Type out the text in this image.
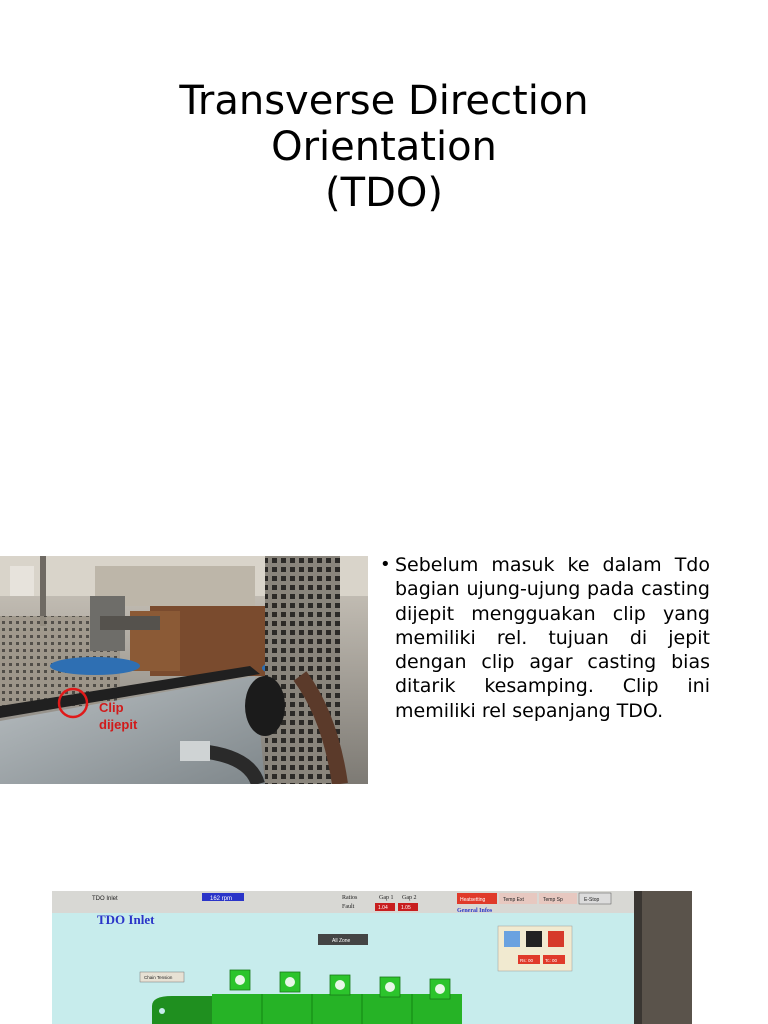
Transverse Direction
Orientation
(TDO)
Clip
dijepit
• Sebelum masuk ke dalam Tdo bagian ujung-ujung pada casting dijepit mengguakan clip yang memiliki rel. tujuan di jepit dengan clip agar casting bias ditarik kesamping. Clip ini memiliki rel sepanjang TDO.
TDO Inlet	162 rpm	Ratios
Fault
Gap 1 Gap 2
1.04	1.05
Heatsetting	Temp Ext	Temp Sp	E-Stop
General Infos
TDO Inlet
All Zone
Chain Tension
Rs: 00	Tc: 00
